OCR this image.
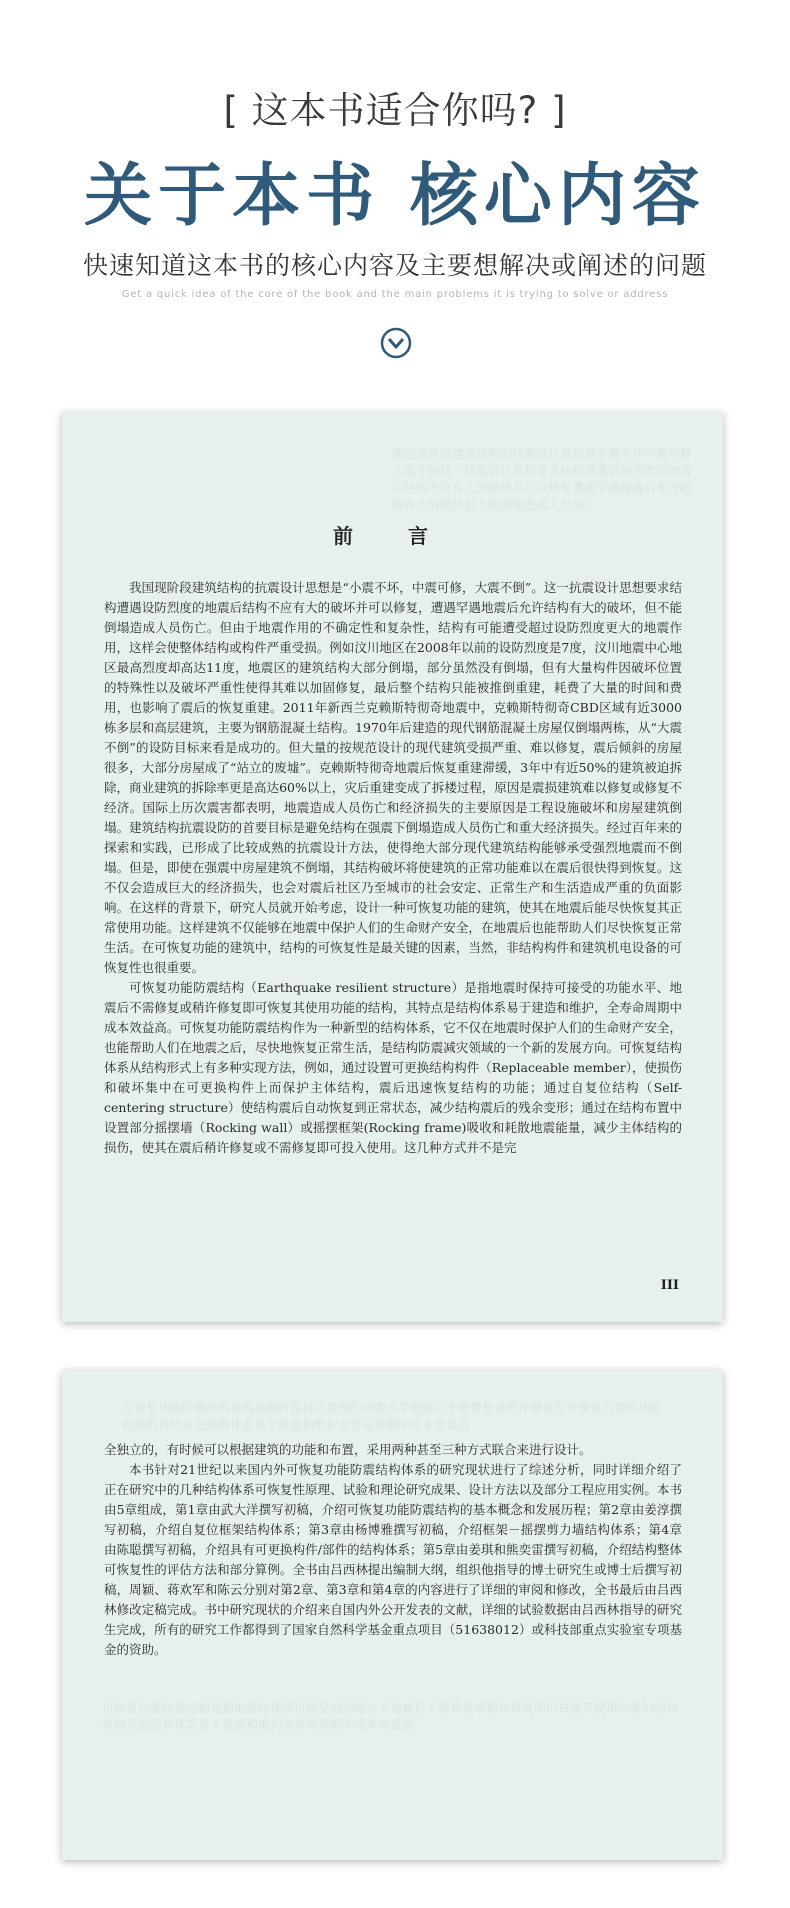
[ 这本书适合你吗? ]
关于本书 核心内容
快速知道这本书的核心内容及主要想解决或阐述的问题
Get a quick idea of the core of the book and the main problems it is trying to solve or address
我国现阶段建筑结构的抗震设计思想是小震不坏中震可修大震不倒这一抗震设计思想要求结构遭遇设防烈度的地震后结构不应有大的破坏并可以修复遭遇罕遇地震后允许结构有大的破坏但不能倒塌造成人员伤亡
前 言

我国现阶段建筑结构的抗震设计思想是“小震不坏，中震可修，大震不倒”。这一抗震设计思想要求结构遭遇设防烈度的地震后结构不应有大的破坏并可以修复，遭遇罕遇地震后允许结构有大的破坏，但不能倒塌造成人员伤亡。但由于地震作用的不确定性和复杂性，结构有可能遭受超过设防烈度更大的地震作用，这样会使整体结构或构件严重受损。例如汶川地区在2008年以前的设防烈度是7度，汶川地震中心地区最高烈度却高达11度，地震区的建筑结构大部分倒塌，部分虽然没有倒塌，但有大量构件因破坏位置的特殊性以及破坏严重性使得其难以加固修复，最后整个结构只能被推倒重建，耗费了大量的时间和费用，也影响了震后的恢复重建。2011年新西兰克赖斯特彻奇地震中，克赖斯特彻奇CBD区域有近3000栋多层和高层建筑，主要为钢筋混凝土结构。1970年后建造的现代钢筋混凝土房屋仅倒塌两栋，从“大震不倒”的设防目标来看是成功的。但大量的按规范设计的现代建筑受损严重、难以修复，震后倾斜的房屋很多，大部分房屋成了“站立的废墟”。克赖斯特彻奇地震后恢复重建滞缓，3年中有近50%的建筑被迫拆除，商业建筑的拆除率更是高达60%以上，灾后重建变成了拆楼过程，原因是震损建筑难以修复或修复不经济。国际上历次震害都表明，地震造成人员伤亡和经济损失的主要原因是工程设施破坏和房屋建筑倒塌。建筑结构抗震设防的首要目标是避免结构在强震下倒塌造成人员伤亡和重大经济损失。经过百年来的探索和实践，已形成了比较成熟的抗震设计方法，使得绝大部分现代建筑结构能够承受强烈地震而不倒塌。但是，即使在强震中房屋建筑不倒塌，其结构破坏将使建筑的正常功能难以在震后很快得到恢复。这不仅会造成巨大的经济损失，也会对震后社区乃至城市的社会安定、正常生产和生活造成严重的负面影响。在这样的背景下，研究人员就开始考虑，设计一种可恢复功能的建筑，使其在地震后能尽快恢复其正常使用功能。这样建筑不仅能够在地震中保护人们的生命财产安全，在地震后也能帮助人们尽快恢复正常生活。在可恢复功能的建筑中，结构的可恢复性是最关键的因素，当然，非结构构件和建筑机电设备的可恢复性也很重要。

可恢复功能防震结构（Earthquake resilient structure）是指地震时保持可接受的功能水平、地震后不需修复或稍许修复即可恢复其使用功能的结构，其特点是结构体系易于建造和维护，全寿命周期中成本效益高。可恢复功能防震结构作为一种新型的结构体系，它不仅在地震时保护人们的生命财产安全，也能帮助人们在地震之后，尽快地恢复正常生活，是结构防震减灾领域的一个新的发展方向。可恢复结构体系从结构形式上有多种实现方法，例如，通过设置可更换结构构件（Replaceable member），使损伤和破坏集中在可更换构件上而保护主体结构，震后迅速恢复结构的功能；通过自复位结构（Self-centering structure）使结构震后自动恢复到正常状态，减少结构震后的残余变形；通过在结构布置中设置部分摇摆墙（Rocking wall）或摇摆框架(Rocking frame)吸收和耗散地震能量，减少主体结构的损伤，使其在震后稍许修复或不需修复即可投入使用。这几种方式并不是完

III
可恢复功能防震结构是指地震时保持可接受的功能水平地震后不需修复或稍许修复即可恢复其使用功能的结构其特点是结构体系易于建造和维护全寿命周期中成本效益高

全独立的，有时候可以根据建筑的功能和布置，采用两种甚至三种方式联合来进行设计。

本书针对21世纪以来国内外可恢复功能防震结构体系的研究现状进行了综述分析，同时详细介绍了正在研究中的几种结构体系可恢复性原理、试验和理论研究成果、设计方法以及部分工程应用实例。本书由5章组成，第1章由武大洋撰写初稿，介绍可恢复功能防震结构的基本概念和发展历程；第2章由姜淳撰写初稿，介绍自复位框架结构体系；第3章由杨博雅撰写初稿，介绍框架－摇摆剪力墙结构体系；第4章由陈聪撰写初稿，介绍具有可更换构件/部件的结构体系；第5章由姜琪和熊奕雷撰写初稿，介绍结构整体可恢复性的评估方法和部分算例。全书由吕西林提出编制大纲，组织他指导的博士研究生或博士后撰写初稿，周颖、蒋欢军和陈云分别对第2章、第3章和第4章的内容进行了详细的审阅和修改，全书最后由吕西林修改定稿完成。书中研究现状的介绍来自国内外公开发表的文献，详细的试验数据由吕西林指导的研究生完成，所有的研究工作都得到了国家自然科学基金重点项目（51638012）或科技部重点实验室专项基金的资助。

可恢复功能防震结构是指地震时保持可接受的功能水平地震后不需修复或稍许修复即可恢复其使用功能的结构其特点是结构体系易于建造和维护全寿命周期中成本效益高
